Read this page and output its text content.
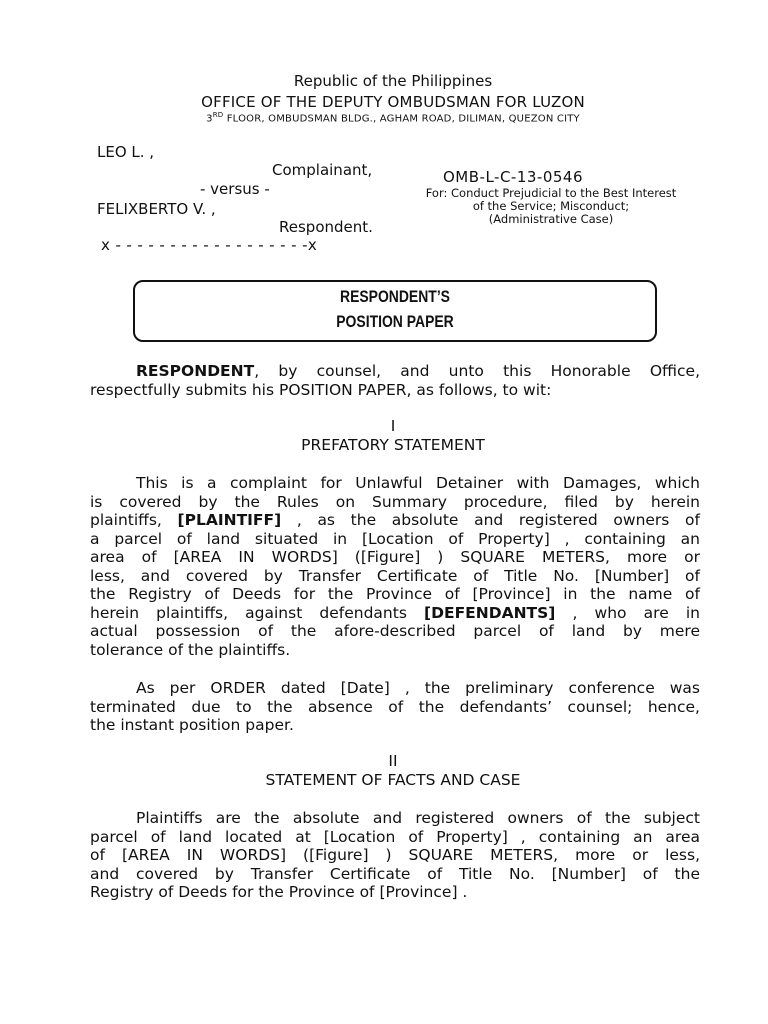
Republic of the Philippines
OFFICE OF THE DEPUTY OMBUDSMAN FOR LUZON
3RD FLOOR, OMBUDSMAN BLDG., AGHAM ROAD, DILIMAN, QUEZON CITY
LEO L. ,
Complainant,
- versus -
FELIXBERTO V. ,
Respondent.
x - - - - - - - - - - - - - - - - - -x
OMB-L-C-13-0546
For: Conduct Prejudicial to the Best Interest
of the Service; Misconduct;
(Administrative Case)
RESPONDENT’S
POSITION PAPER
RESPONDENT, by counsel, and unto this Honorable Office,
respectfully submits his POSITION PAPER, as follows, to wit:
I
PREFATORY STATEMENT
This is a complaint for Unlawful Detainer with Damages, which
is covered by the Rules on Summary procedure, filed by herein
plaintiffs, [PLAINTIFF] , as the absolute and registered owners of
a parcel of land situated in [Location of Property] , containing an
area of [AREA IN WORDS] ([Figure] ) SQUARE METERS, more or
less, and covered by Transfer Certificate of Title No. [Number] of
the Registry of Deeds for the Province of [Province] in the name of
herein plaintiffs, against defendants [DEFENDANTS] , who are in
actual possession of the afore-described parcel of land by mere
tolerance of the plaintiffs.
As per ORDER dated [Date] , the preliminary conference was
terminated due to the absence of the defendants’ counsel; hence,
the instant position paper.
II
STATEMENT OF FACTS AND CASE
Plaintiffs are the absolute and registered owners of the subject
parcel of land located at [Location of Property] , containing an area
of [AREA IN WORDS] ([Figure] ) SQUARE METERS, more or less,
and covered by Transfer Certificate of Title No. [Number] of the
Registry of Deeds for the Province of [Province] .
